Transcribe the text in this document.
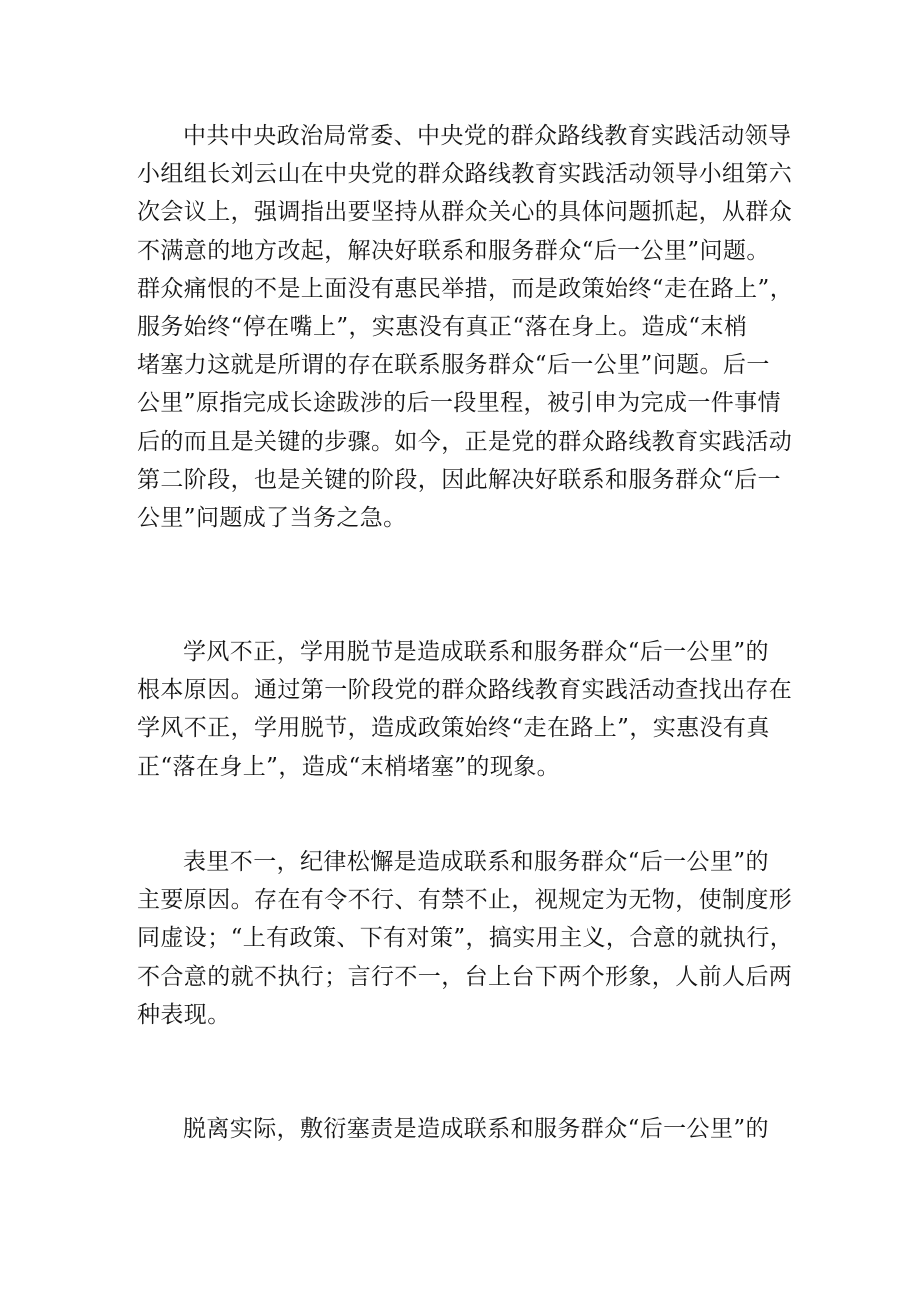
中共中央政治局常委、中央党的群众路线教育实践活动领导
小组组长刘云山在中央党的群众路线教育实践活动领导小组第六
次会议上，强调指出要坚持从群众关心的具体问题抓起，从群众
不满意的地方改起，解决好联系和服务群众“后一公里”问题。
群众痛恨的不是上面没有惠民举措，而是政策始终“走在路上”，
服务始终“停在嘴上”，实惠没有真正“落在身上。造成“末梢
堵塞力这就是所谓的存在联系服务群众“后一公里”问题。后一
公里”原指完成长途跋涉的后一段里程，被引申为完成一件事情
后的而且是关键的步骤。如今，正是党的群众路线教育实践活动
第二阶段，也是关键的阶段，因此解决好联系和服务群众“后一
公里”问题成了当务之急。
学风不正，学用脱节是造成联系和服务群众“后一公里”的
根本原因。通过第一阶段党的群众路线教育实践活动查找出存在
学风不正，学用脱节，造成政策始终“走在路上”，实惠没有真
正“落在身上”，造成“末梢堵塞”的现象。
表里不一，纪律松懈是造成联系和服务群众“后一公里”的
主要原因。存在有令不行、有禁不止，视规定为无物，使制度形
同虚设；“上有政策、下有对策”，搞实用主义，合意的就执行，
不合意的就不执行；言行不一，台上台下两个形象，人前人后两
种表现。
脱离实际，敷衍塞责是造成联系和服务群众“后一公里”的
